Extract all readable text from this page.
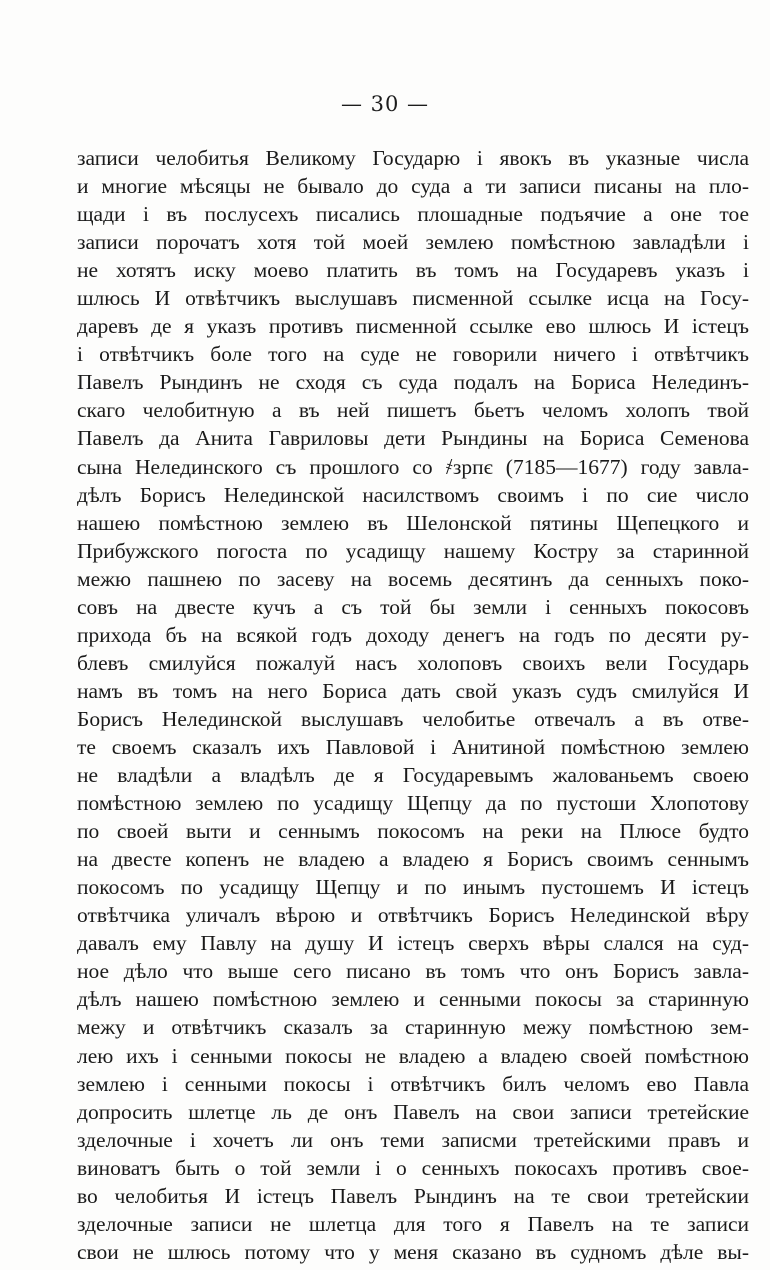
— 30 —
записи челобитья Великому Государю і явокъ въ указные числа
и многие мѣсяцы не бывало до суда а ти записи писаны на пло-
щади і въ послусехъ писались плошадные подъячие а оне тое
записи порочатъ хотя той моей землею помѣстною завладѣли і
не хотятъ иску моево платить въ томъ на Государевъ указъ і
шлюсь И отвѣтчикъ выслушавъ писменной ссылке исца на Госу-
даревъ де я указъ противъ писменной ссылке ево шлюсь И істецъ
і отвѣтчикъ боле того на суде не говорили ничего і отвѣтчикъ
Павелъ Рындинъ не сходя съ суда подалъ на Бориса Нелединъ-
скаго челобитную а въ ней пишетъ бьетъ челомъ холопъ твой
Павелъ да Анита Гавриловы дети Рындины на Бориса Семенова
сына Нелединского съ прошлого со ҂зрпє (7185—1677) году завла-
дѣлъ Борисъ Нелединской насилствомъ своимъ і по сие число
нашею помѣстною землею въ Шелонской пятины Щепецкого и
Прибужского погоста по усадищу нашему Костру за старинной
межю пашнею по засеву на восемь десятинъ да сенныхъ поко-
совъ на двесте кучъ а съ той бы земли і сенныхъ покосовъ
прихода бъ на всякой годъ доходу денегъ на годъ по десяти ру-
блевъ смилуйся пожалуй насъ холоповъ своихъ вели Государь
намъ въ томъ на него Бориса дать свой указъ судъ смилуйся И
Борисъ Нелединской выслушавъ челобитье отвечалъ а въ отве-
те своемъ сказалъ ихъ Павловой і Анитиной помѣстною землею
не владѣли а владѣлъ де я Государевымъ жалованьемъ своею
помѣстною землею по усадищу Щепцу да по пустоши Хлопотову
по своей выти и сеннымъ покосомъ на реки на Плюсе будто
на двесте копенъ не владею а владею я Борисъ своимъ сеннымъ
покосомъ по усадищу Щепцу и по инымъ пустошемъ И істецъ
отвѣтчика уличалъ вѣрою и отвѣтчикъ Борисъ Нелединской вѣру
давалъ ему Павлу на душу И істецъ сверхъ вѣры слался на суд-
ное дѣло что выше сего писано въ томъ что онъ Борисъ завла-
дѣлъ нашею помѣстною землею и сенными покосы за старинную
межу и отвѣтчикъ сказалъ за старинную межу помѣстною зем-
лею ихъ і сенными покосы не владею а владею своей помѣстною
землею і сенными покосы і отвѣтчикъ билъ челомъ ево Павла
допросить шлетце ль де онъ Павелъ на свои записи третейские
зделочные і хочетъ ли онъ теми записми третейскими правъ и
виноватъ быть о той земли і о сенныхъ покосахъ противъ свое-
во челобитья И істецъ Павелъ Рындинъ на те свои третейскии
зделочные записи не шлетца для того я Павелъ на те записи
свои не шлюсь потому что у меня сказано въ судномъ дѣле вы-
